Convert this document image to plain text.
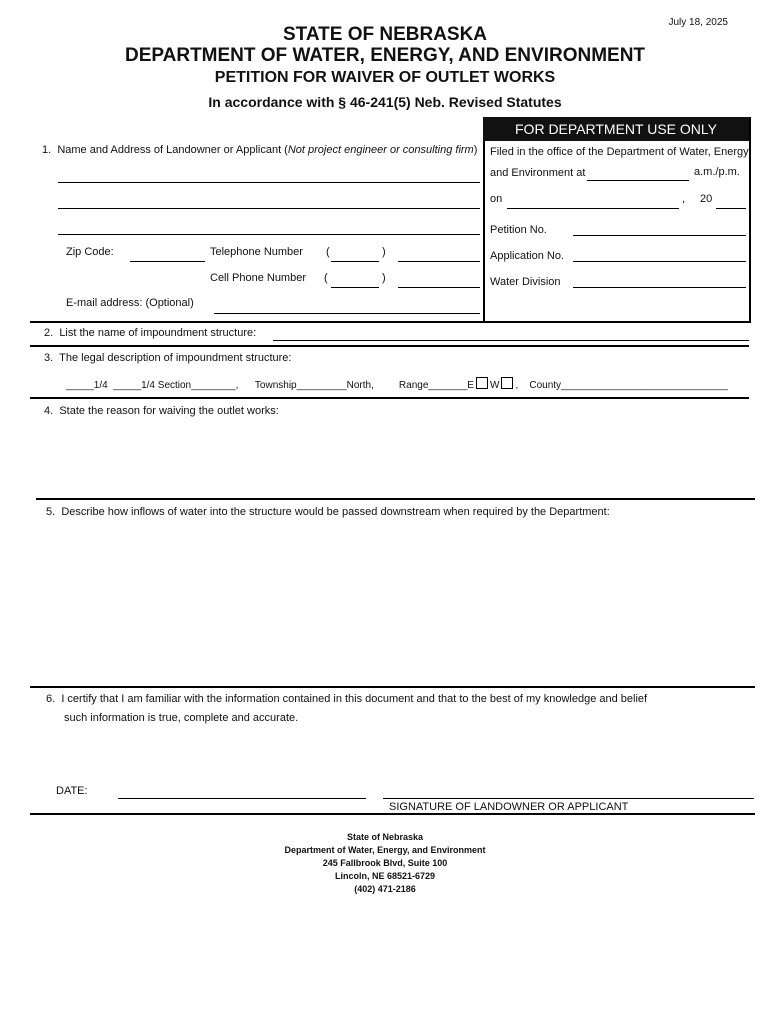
July 18, 2025
STATE OF NEBRASKA
DEPARTMENT OF WATER, ENERGY, AND ENVIRONMENT
PETITION FOR WAIVER OF OUTLET WORKS
In accordance with § 46-241(5) Neb. Revised Statutes
FOR DEPARTMENT USE ONLY
Filed in the office of the Department of Water, Energy,
and Environment at	a.m./p.m.
on	, 20
Petition No.
Application No.
Water Division
1. Name and Address of Landowner or Applicant (Not project engineer or consulting firm)
Zip Code:	Telephone Number (	)
Cell Phone Number (	)
E-mail address: (Optional)
2. List the name of impoundment structure:
3. The legal description of impoundment structure:
_____1/4 _____1/4 Section________, Township_________North,	Range_______E W , County______________________________
4. State the reason for waiving the outlet works:
5. Describe how inflows of water into the structure would be passed downstream when required by the Department:
6. I certify that I am familiar with the information contained in this document and that to the best of my knowledge and belief
such information is true, complete and accurate.
DATE:
SIGNATURE OF LANDOWNER OR APPLICANT
State of Nebraska
Department of Water, Energy, and Environment
245 Fallbrook Blvd, Suite 100
Lincoln, NE 68521-6729
(402) 471-2186
